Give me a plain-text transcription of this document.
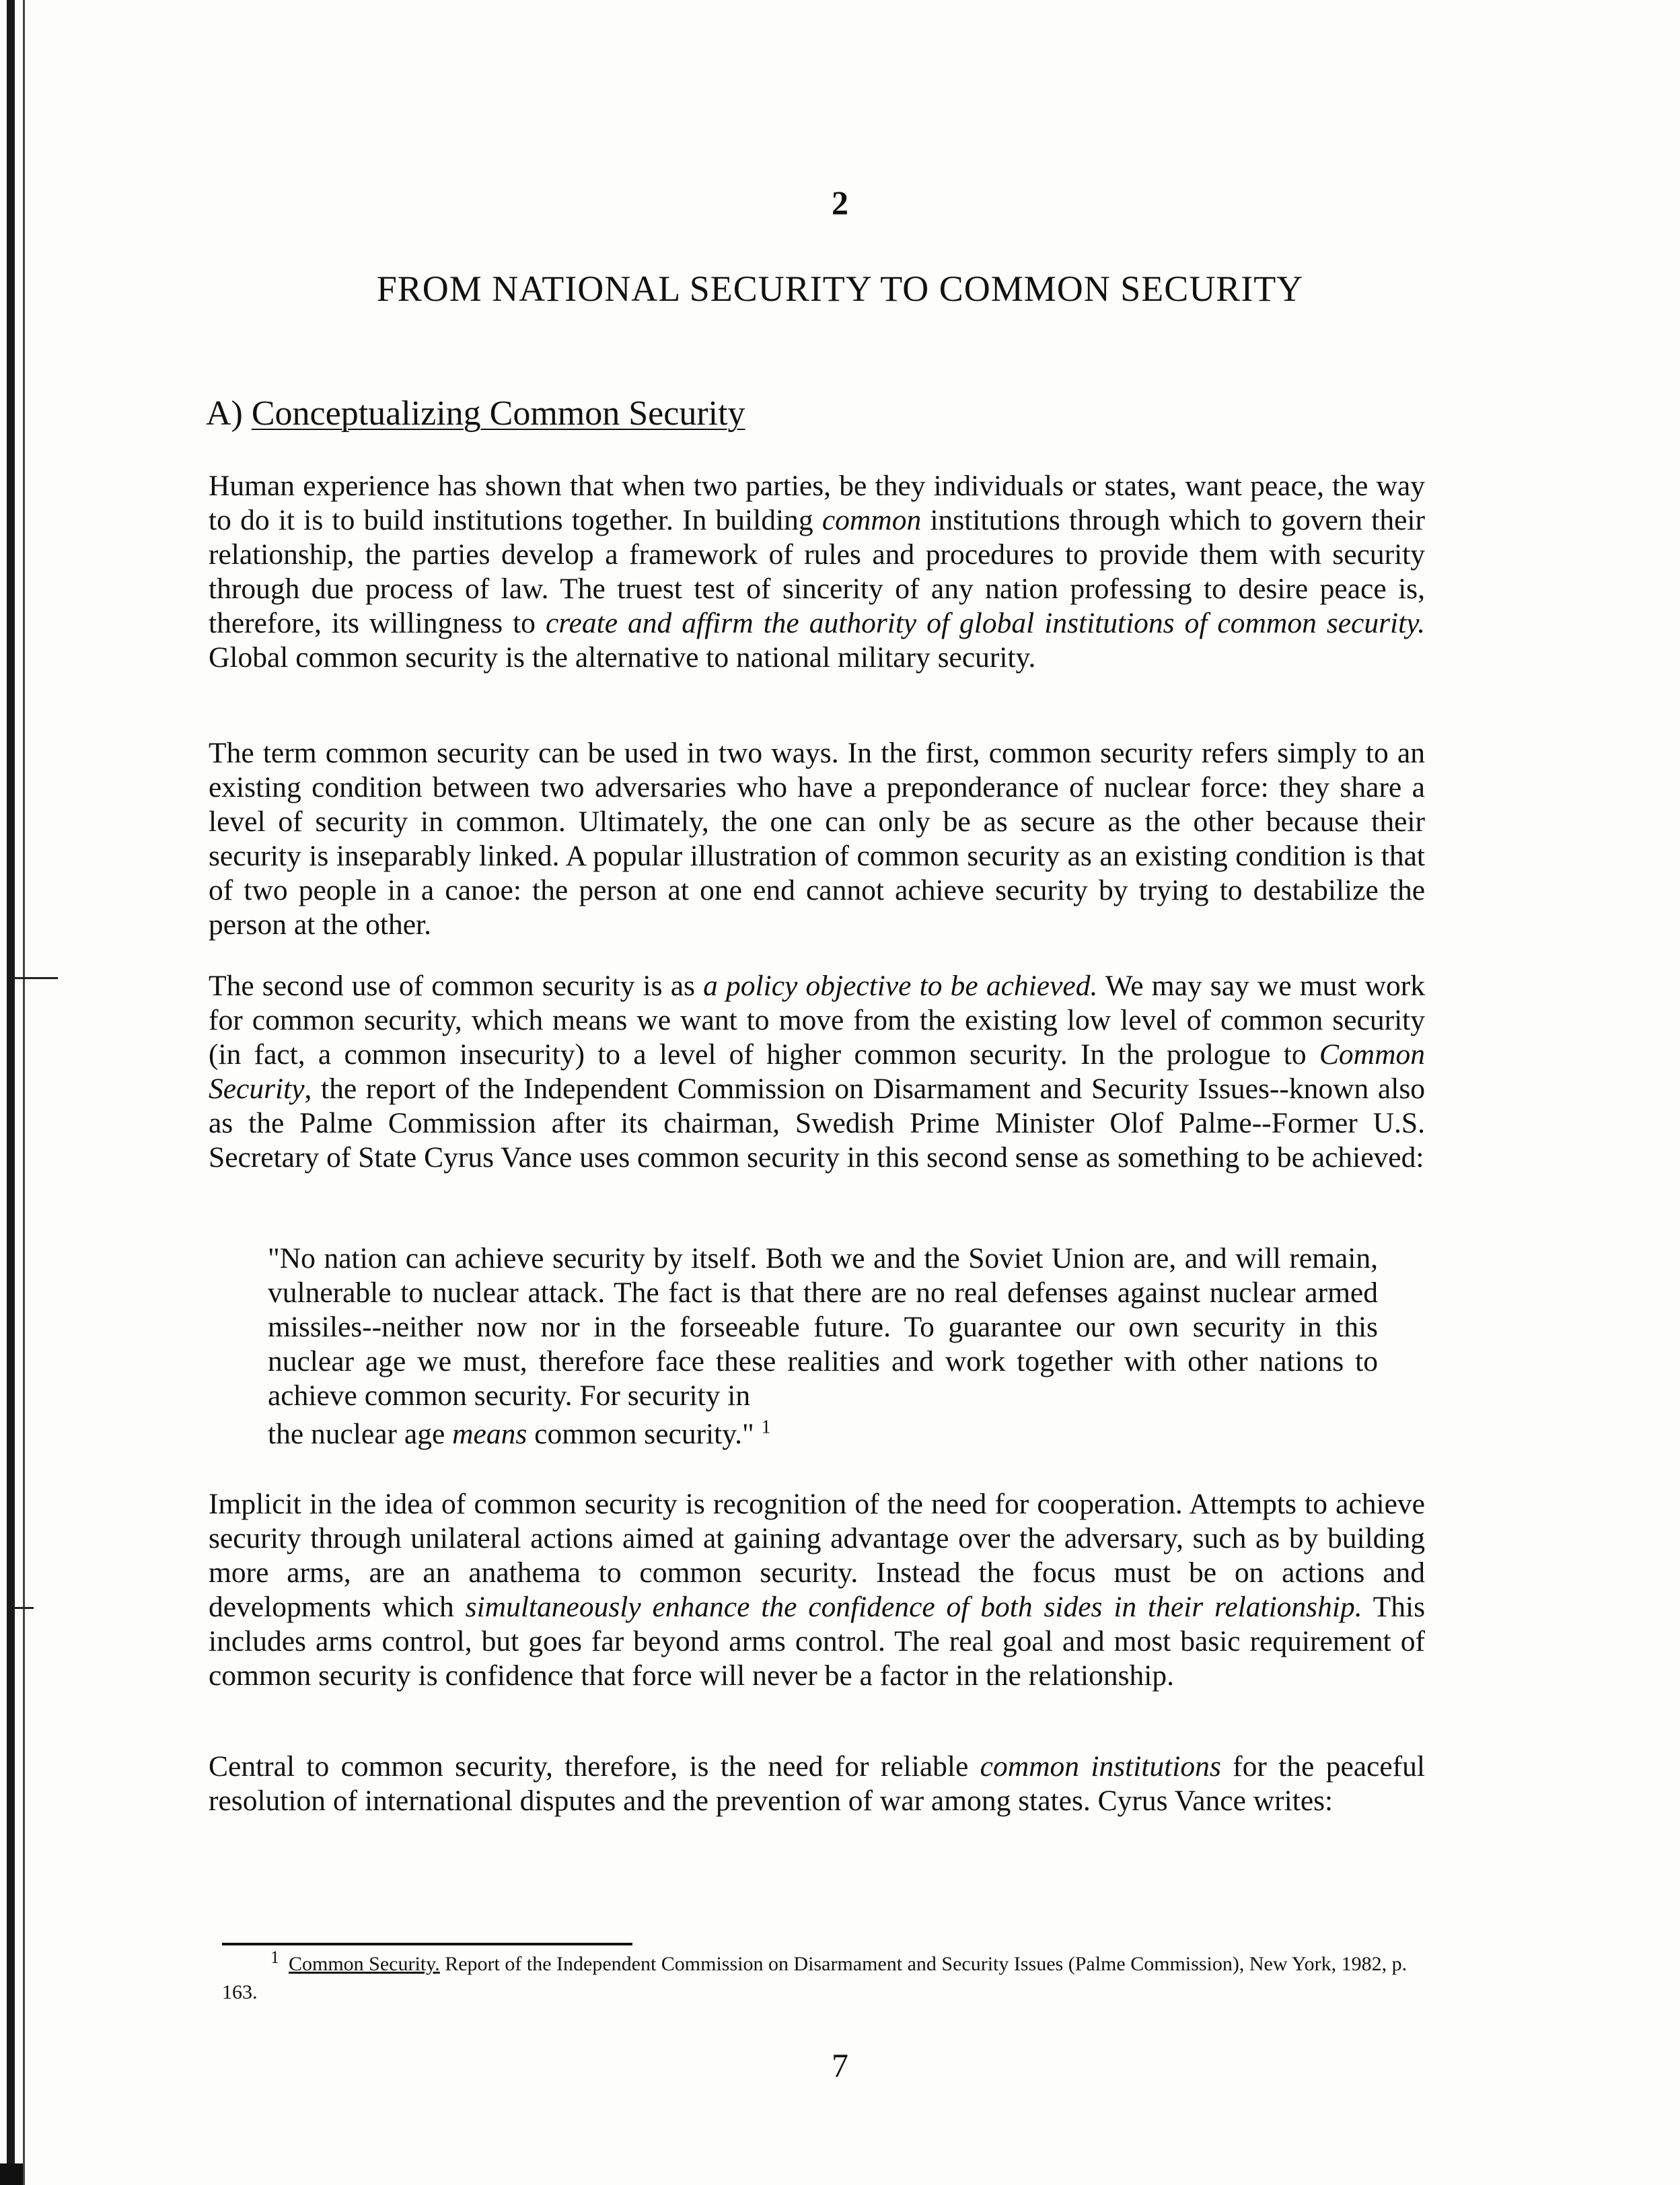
2
FROM NATIONAL SECURITY TO COMMON SECURITY
A) Conceptualizing Common Security
Human experience has shown that when two parties, be they individuals or states, want peace, the way to do it is to build institutions together. In building common institutions through which to govern their relationship, the parties develop a framework of rules and procedures to provide them with security through due process of law. The truest test of sincerity of any nation professing to desire peace is, therefore, its willingness to create and affirm the authority of global institutions of common security. Global common security is the alternative to national military security.
The term common security can be used in two ways. In the first, common security refers simply to an existing condition between two adversaries who have a preponderance of nuclear force: they share a level of security in common. Ultimately, the one can only be as secure as the other because their security is inseparably linked. A popular illustration of common security as an existing condition is that of two people in a canoe: the person at one end cannot achieve security by trying to destabilize the person at the other.
The second use of common security is as a policy objective to be achieved. We may say we must work for common security, which means we want to move from the existing low level of common security (in fact, a common insecurity) to a level of higher common security. In the prologue to Common Security, the report of the Independent Commission on Disarmament and Security Issues--known also as the Palme Commission after its chairman, Swedish Prime Minister Olof Palme--Former U.S. Secretary of State Cyrus Vance uses common security in this second sense as something to be achieved:
"No nation can achieve security by itself. Both we and the Soviet Union are, and will remain, vulnerable to nuclear attack. The fact is that there are no real defenses against nuclear armed missiles--neither now nor in the forseeable future. To guarantee our own security in this nuclear age we must, therefore face these realities and work together with other nations to achieve common security. For security in
the nuclear age means common security." $^1$
Implicit in the idea of common security is recognition of the need for cooperation. Attempts to achieve security through unilateral actions aimed at gaining advantage over the adversary, such as by building more arms, are an anathema to common security. Instead the focus must be on actions and developments which simultaneously enhance the confidence of both sides in their relationship. This includes arms control, but goes far beyond arms control. The real goal and most basic requirement of common security is confidence that force will never be a factor in the relationship.
Central to common security, therefore, is the need for reliable common institutions for the peaceful resolution of international disputes and the prevention of war among states. Cyrus Vance writes:
1 Common Security. Report of the Independent Commission on Disarmament and Security Issues (Palme Commission), New York, 1982, p. 163.
7
